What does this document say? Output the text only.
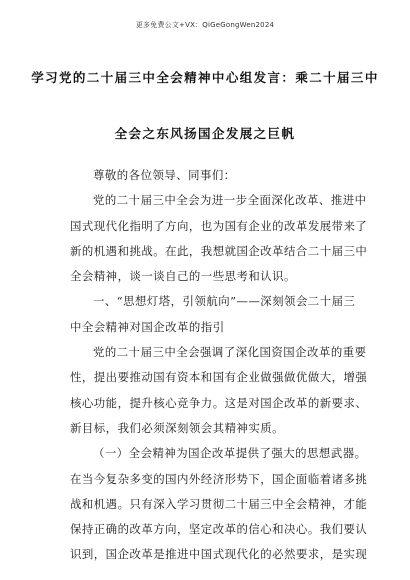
更多免费公文+VX：QiGeGongWen2024
学习党的二十届三中全会精神中心组发言：乘二十届三中
全会之东风扬国企发展之巨帆
尊敬的各位领导、同事们：
党的二十届三中全会为进一步全面深化改革、推进中
国式现代化指明了方向，也为国有企业的改革发展带来了
新的机遇和挑战。在此，我想就国企改革结合二十届三中
全会精神，谈一谈自己的一些思考和认识。
一、“思想灯塔，引领航向”——深刻领会二十届三
中全会精神对国企改革的指引
党的二十届三中全会强调了深化国资国企改革的重要
性，提出要推动国有资本和国有企业做强做优做大，增强
核心功能，提升核心竞争力。这是对国企改革的新要求、
新目标，我们必须深刻领会其精神实质。
（一）全会精神为国企改革提供了强大的思想武器。
在当今复杂多变的国内外经济形势下，国企面临着诸多挑
战和机遇。只有深入学习贯彻二十届三中全会精神，才能
保持正确的改革方向，坚定改革的信心和决心。我们要认
识到，国企改革是推进中国式现代化的必然要求，是实现
